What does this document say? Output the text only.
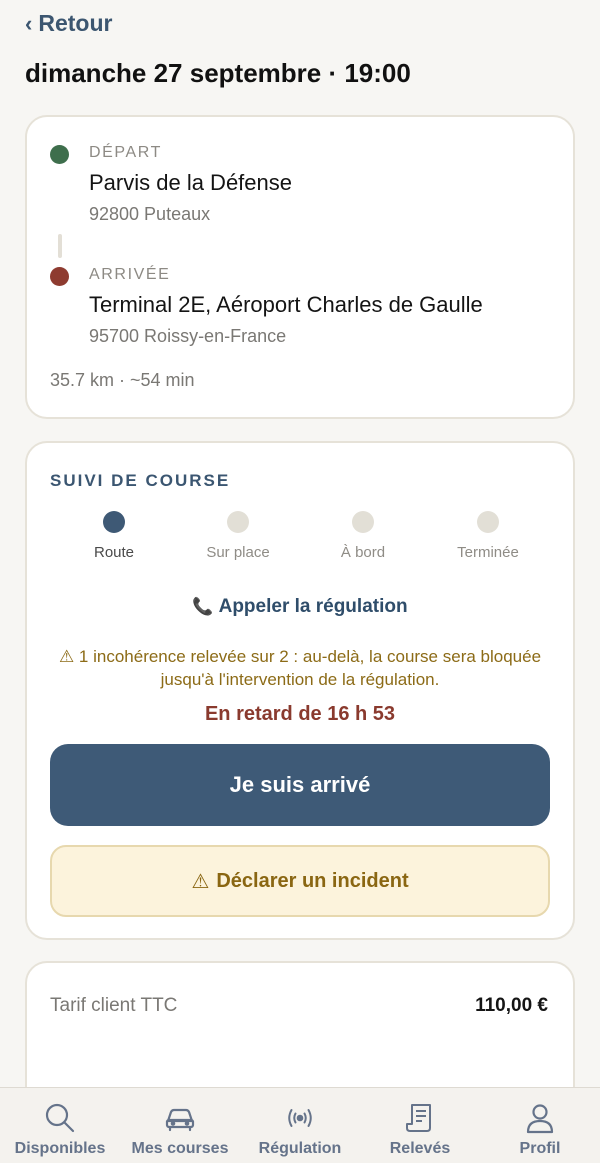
‹ Retour
dimanche 27 septembre · 19:00
DÉPART
Parvis de la Défense
92800 Puteaux
ARRIVÉE
Terminal 2E, Aéroport Charles de Gaulle
95700 Roissy-en-France
35.7 km · ~54 min
SUIVI DE COURSE
Route	Sur place	À bord	Terminée
📞 Appeler la régulation
⚠ 1 incohérence relevée sur 2 : au-delà, la course sera bloquée jusqu'à l'intervention de la régulation.
En retard de 16 h 53
Je suis arrivé
⚠ Déclarer un incident
Tarif client TTC	110,00 €
Disponibles Mes courses Régulation	Relevés	Profil
